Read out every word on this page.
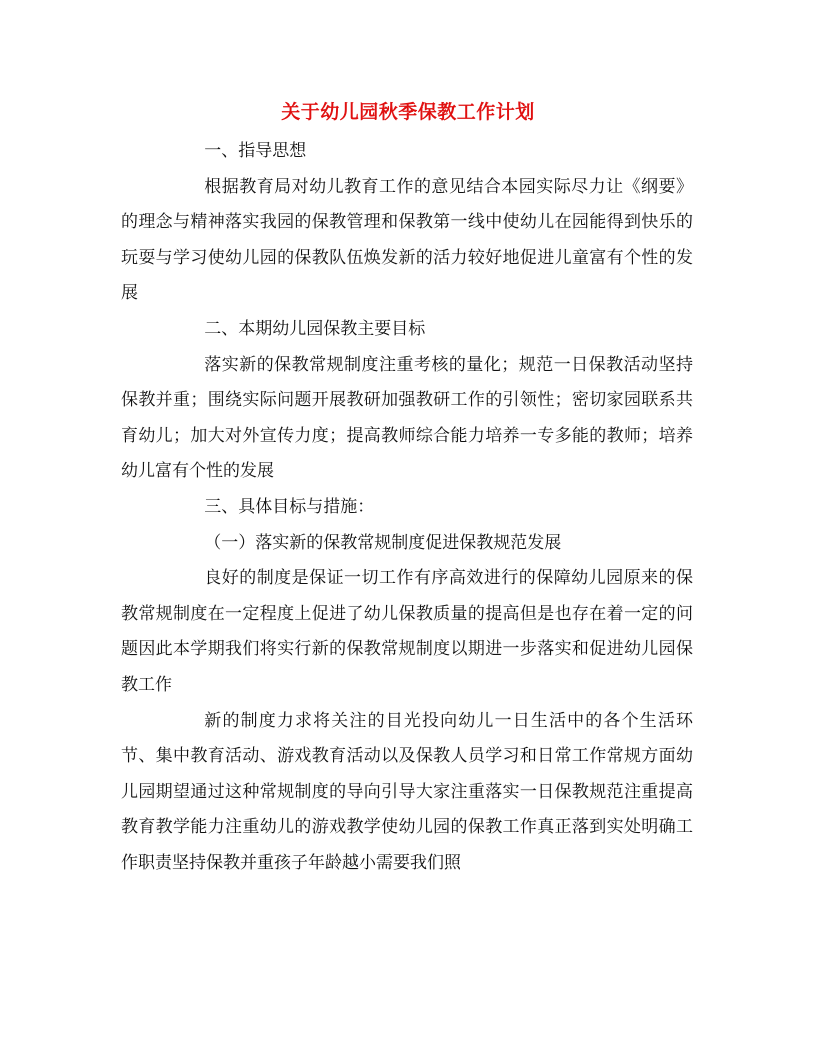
关于幼儿园秋季保教工作计划

一、指导思想

根据教育局对幼儿教育工作的意见结合本园实际尽力让《纲要》的理念与精神落实我园的保教管理和保教第一线中使幼儿在园能得到快乐的玩耍与学习使幼儿园的保教队伍焕发新的活力较好地促进儿童富有个性的发展

二、本期幼儿园保教主要目标

落实新的保教常规制度注重考核的量化；规范一日保教活动坚持保教并重；围绕实际问题开展教研加强教研工作的引领性；密切家园联系共育幼儿；加大对外宣传力度；提高教师综合能力培养一专多能的教师；培养幼儿富有个性的发展

三、具体目标与措施：

（一）落实新的保教常规制度促进保教规范发展

良好的制度是保证一切工作有序高效进行的保障幼儿园原来的保教常规制度在一定程度上促进了幼儿保教质量的提高但是也存在着一定的问题因此本学期我们将实行新的保教常规制度以期进一步落实和促进幼儿园保教工作

新的制度力求将关注的目光投向幼儿一日生活中的各个生活环节、集中教育活动、游戏教育活动以及保教人员学习和日常工作常规方面幼儿园期望通过这种常规制度的导向引导大家注重落实一日保教规范注重提高教育教学能力注重幼儿的游戏教学使幼儿园的保教工作真正落到实处明确工作职责坚持保教并重孩子年龄越小需要我们照
